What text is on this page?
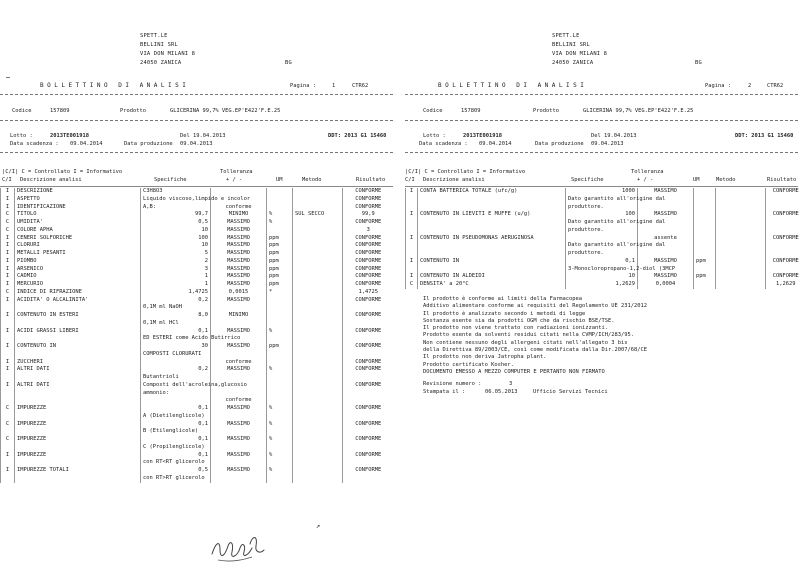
SPETT.LE
BELLINI SRL
VIA DON MILANI 8
24050 ZANICA	BG
BOLLETTINO DI ANALISI	Pagina :	1	CTR62
Codice	157809	Prodotto	GLICERINA 99,7% VEG.EP'E422'F.E.25
Lotto :	2013TE001918	Del 19.04.2013	DDT: 2013 G1 15460
Data scadenza : 09.04.2014	Data produzione 09.04.2013
|C/I| C = Controllato I = Informativo	Tolleranza
C/I Descrizione analisi	Specifiche	+ / -	UM	Metodo	Risultato
I	DESCRIZIONE	C3H8O3				CONFORME
I	ASPETTO	Liquido viscoso,limpido e incolor				CONFORME
I	IDENTIFICAZIONE	A,B:	conforme			CONFORME
C	TITOLO	99,7	MINIMO	%	SUL SECCO	99,9
C	UMIDITA'	0,5	MASSIMO	%		CONFORME
C	COLORE APHA	10	MASSIMO			3
I	CENERI SOLFORICHE	100	MASSIMO	ppm		CONFORME
I	CLORURI	10	MASSIMO	ppm		CONFORME
I	METALLI PESANTI	5	MASSIMO	ppm		CONFORME
I	PIOMBO	2	MASSIMO	ppm		CONFORME
I	ARSENICO	3	MASSIMO	ppm		CONFORME
I	CADMIO	1	MASSIMO	ppm		CONFORME
I	MERCURIO	1	MASSIMO	ppm		CONFORME
C	INDICE DI RIFRAZIONE	1,4725	0,0015	*		1,4725
I	ACIDITA' O ALCALINITA'	0,2	MASSIMO			CONFORME
		0,1M ml NaOH				
I	CONTENUTO IN ESTERI	8,0	MINIMO			CONFORME
		0,1M ml HCl				
I	ACIDI GRASSI LIBERI	0,1	MASSIMO	%		CONFORME
		ED ESTERI come Acido Butirrico				
I	CONTENUTO IN	30	MASSIMO	ppm		CONFORME
		COMPOSTI CLORURATI				
I	ZUCCHERI		conforme			CONFORME
I	ALTRI DATI	0,2	MASSIMO	%		CONFORME
		Butantrioli				
I	ALTRI DATI	Composti dell'acroleina,glucosio				CONFORME
		ammonio:				
			conforme			
C	IMPUREZZE	0,1	MASSIMO	%		CONFORME
		A (Dietilenglicole)				
C	IMPUREZZE	0,1	MASSIMO	%		CONFORME
		B (Etilenglicole)				
C	IMPUREZZE	0,1	MASSIMO	%		CONFORME
		C (Propilenglicole)				
I	IMPUREZZE	0,1	MASSIMO	%		CONFORME
		con RT<RT glicerolo				
I	IMPUREZZE TOTALI	0,5	MASSIMO	%		CONFORME
		con RT>RT glicerolo				
SPETT.LE
BELLINI SRL
VIA DON MILANI 8
24050 ZANICA	BG
BOLLETTINO DI ANALISI	Pagina :	2	CTR62
Codice	157809	Prodotto	GLICERINA 99,7% VEG.EP'E422'F.E.25
Lotto :	2013TE001918	Del 19.04.2013	DDT: 2013 G1 15460
Data scadenza : 09.04.2014	Data produzione 09.04.2013
|C/I| C = Controllato I = Informativo	Tolleranza
C/I Descrizione analisi	Specifiche	+ / -	UM	Metodo	Risultato
I	CONTA BATTERICA TOTALE (ufc/g)	1000	MASSIMO			CONFORME
		Dato garantito all'origine dal				
		produttore.				
I	CONTENUTO IN LIEVITI E MUFFE (u/g)	100	MASSIMO			CONFORME
		Dato garantito all'origine dal				
		produttore.				
I	CONTENUTO IN PSEUDOMONAS AERUGINOSA		assente			CONFORME
		Dato garantito all'origine dal				
		produttore.				
I	CONTENUTO IN	0,1	MASSIMO	ppm		CONFORME
		3-Monocloropropano-1,2-diol (3MCP				
I	CONTENUTO IN ALDEIDI	10	MASSIMO	ppm		CONFORME
C	DENSITA' a 20°C	1,2629	0,0004			1,2629
Il prodotto è conforme ai limiti della Farmacopea
Additivo alimentare conforme ai requisiti del Regolamento UE 231/2012
Il prodotto è analizzato secondo i metodi di legge
Sostanza esente sia da prodotti OGM che da rischio BSE/TSE.
Il prodotto non viene trattato con radiazioni ionizzanti.
Prodotto esente da solventi residui citati nella CVMP/ICH/283/95.
Non contiene nessuno degli allergeni citati nell'allegato 3 bis
della Direttiva 89/2003/CE, così come modificata dalla Dir.2007/68/CE
Il prodotto non deriva Jatropha plant.
Prodotto certificato Kosher.
DOCUMENTO EMESSO A MEZZO COMPUTER E PERTANTO NON FIRMATO
Revisione numero :	3
Stampata il :	06.05.2013	Ufficio Servizi Tecnici
↗
